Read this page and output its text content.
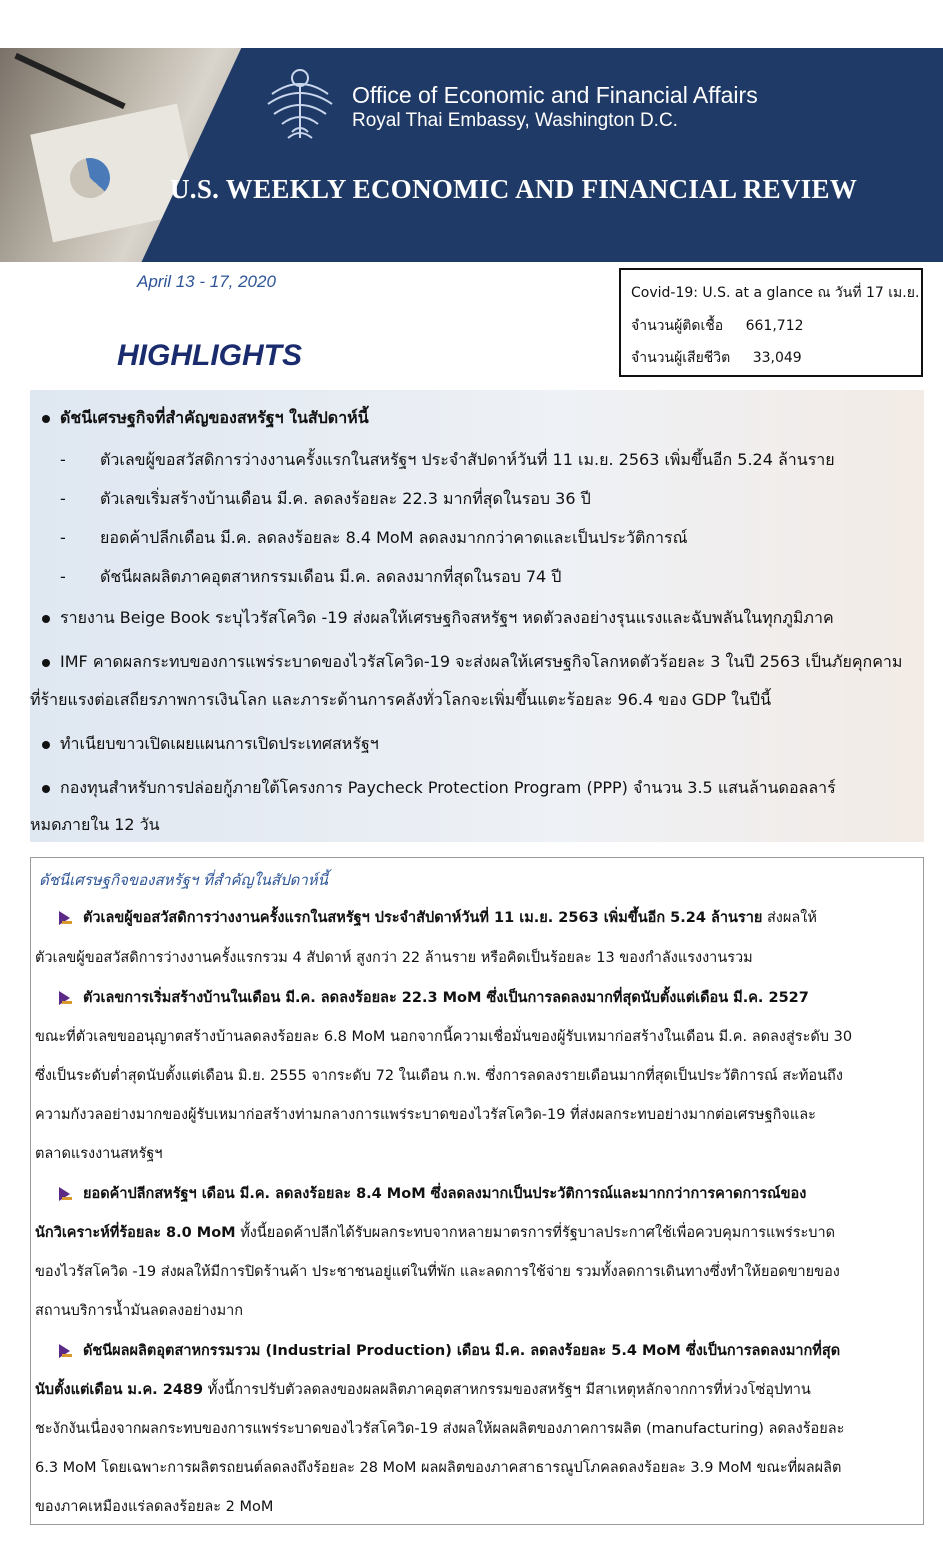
Office of Economic and Financial Affairs
Royal Thai Embassy, Washington D.C.
U.S. WEEKLY ECONOMIC AND FINANCIAL REVIEW
April 13 - 17, 2020
Covid-19: U.S. at a glance ณ วันที่ 17 เม.ย.
จำนวนผู้ติดเชื้อ 661,712
จำนวนผู้เสียชีวิต 33,049
HIGHLIGHTS
ดัชนีเศรษฐกิจที่สำคัญของสหรัฐฯ ในสัปดาห์นี้
- ตัวเลขผู้ขอสวัสดิการว่างงานครั้งแรกในสหรัฐฯ ประจำสัปดาห์วันที่ 11 เม.ย. 2563 เพิ่มขึ้นอีก 5.24 ล้านราย
- ตัวเลขเริ่มสร้างบ้านเดือน มี.ค. ลดลงร้อยละ 22.3 มากที่สุดในรอบ 36 ปี
- ยอดค้าปลีกเดือน มี.ค. ลดลงร้อยละ 8.4 MoM ลดลงมากกว่าคาดและเป็นประวัติการณ์
- ดัชนีผลผลิตภาคอุตสาหกรรมเดือน มี.ค. ลดลงมากที่สุดในรอบ 74 ปี
รายงาน Beige Book ระบุไวรัสโควิด -19 ส่งผลให้เศรษฐกิจสหรัฐฯ หดตัวลงอย่างรุนแรงและฉับพลันในทุกภูมิภาค
IMF คาดผลกระทบของการแพร่ระบาดของไวรัสโควิด-19 จะส่งผลให้เศรษฐกิจโลกหดตัวร้อยละ 3 ในปี 2563 เป็นภัยคุกคาม
ที่ร้ายแรงต่อเสถียรภาพการเงินโลก และภาระด้านการคลังทั่วโลกจะเพิ่มขึ้นแตะร้อยละ 96.4 ของ GDP ในปีนี้
ทำเนียบขาวเปิดเผยแผนการเปิดประเทศสหรัฐฯ
กองทุนสำหรับการปล่อยกู้ภายใต้โครงการ Paycheck Protection Program (PPP) จำนวน 3.5 แสนล้านดอลลาร์
หมดภายใน 12 วัน
ดัชนีเศรษฐกิจของสหรัฐฯ ที่สำคัญในสัปดาห์นี้
ตัวเลขผู้ขอสวัสดิการว่างงานครั้งแรกในสหรัฐฯ ประจำสัปดาห์วันที่ 11 เม.ย. 2563 เพิ่มขึ้นอีก 5.24 ล้านราย ส่งผลให้
ตัวเลขผู้ขอสวัสดิการว่างงานครั้งแรกรวม 4 สัปดาห์ สูงกว่า 22 ล้านราย หรือคิดเป็นร้อยละ 13 ของกำลังแรงงานรวม
ตัวเลขการเริ่มสร้างบ้านในเดือน มี.ค. ลดลงร้อยละ 22.3 MoM ซึ่งเป็นการลดลงมากที่สุดนับตั้งแต่เดือน มี.ค. 2527
ขณะที่ตัวเลขขออนุญาตสร้างบ้านลดลงร้อยละ 6.8 MoM นอกจากนี้ความเชื่อมั่นของผู้รับเหมาก่อสร้างในเดือน มี.ค. ลดลงสู่ระดับ 30
ซึ่งเป็นระดับต่ำสุดนับตั้งแต่เดือน มิ.ย. 2555 จากระดับ 72 ในเดือน ก.พ. ซึ่งการลดลงรายเดือนมากที่สุดเป็นประวัติการณ์ สะท้อนถึง
ความกังวลอย่างมากของผู้รับเหมาก่อสร้างท่ามกลางการแพร่ระบาดของไวรัสโควิด-19 ที่ส่งผลกระทบอย่างมากต่อเศรษฐกิจและ
ตลาดแรงงานสหรัฐฯ
ยอดค้าปลีกสหรัฐฯ เดือน มี.ค. ลดลงร้อยละ 8.4 MoM ซึ่งลดลงมากเป็นประวัติการณ์และมากกว่าการคาดการณ์ของ
นักวิเคราะห์ที่ร้อยละ 8.0 MoM ทั้งนี้ยอดค้าปลีกได้รับผลกระทบจากหลายมาตรการที่รัฐบาลประกาศใช้เพื่อควบคุมการแพร่ระบาด
ของไวรัสโควิด -19 ส่งผลให้มีการปิดร้านค้า ประชาชนอยู่แต่ในที่พัก และลดการใช้จ่าย รวมทั้งลดการเดินทางซึ่งทำให้ยอดขายของ
สถานบริการน้ำมันลดลงอย่างมาก
ดัชนีผลผลิตอุตสาหกรรมรวม (Industrial Production) เดือน มี.ค. ลดลงร้อยละ 5.4 MoM ซึ่งเป็นการลดลงมากที่สุด
นับตั้งแต่เดือน ม.ค. 2489 ทั้งนี้การปรับตัวลดลงของผลผลิตภาคอุตสาหกรรมของสหรัฐฯ มีสาเหตุหลักจากการที่ห่วงโซ่อุปทาน
ชะงักงันเนื่องจากผลกระทบของการแพร่ระบาดของไวรัสโควิด-19 ส่งผลให้ผลผลิตของภาคการผลิต (manufacturing) ลดลงร้อยละ
6.3 MoM โดยเฉพาะการผลิตรถยนต์ลดลงถึงร้อยละ 28 MoM ผลผลิตของภาคสาธารณูปโภคลดลงร้อยละ 3.9 MoM ขณะที่ผลผลิต
ของภาคเหมืองแร่ลดลงร้อยละ 2 MoM
